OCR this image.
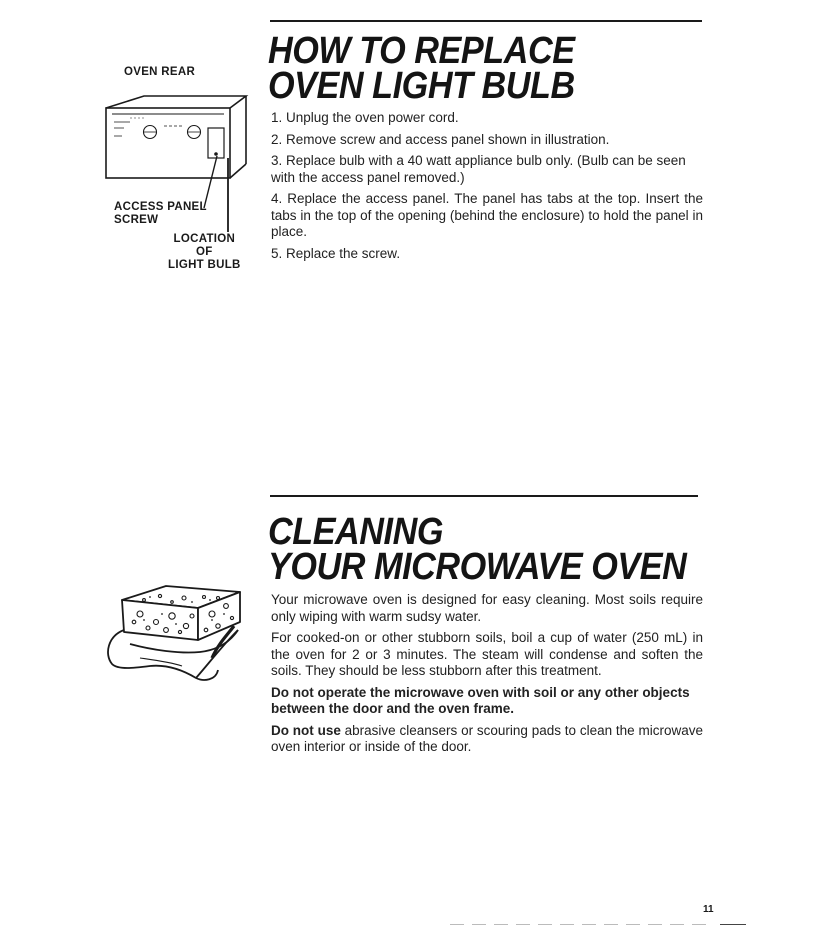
HOW TO REPLACE
OVEN LIGHT BULB

1. Unplug the oven power cord.

2. Remove screw and access panel shown in illustration.

3. Replace bulb with a 40 watt appliance bulb only. (Bulb can be seen with the access panel removed.)

4. Replace the access panel. The panel has tabs at the top. Insert the tabs in the top of the opening (behind the enclosure) to hold the panel in place.

5. Replace the screw.

OVEN REAR
ACCESS PANEL
SCREW
LOCATION
OF
LIGHT BULB
CLEANING
YOUR MICROWAVE OVEN

Your microwave oven is designed for easy cleaning. Most soils require only wiping with warm sudsy water.

For cooked-on or other stubborn soils, boil a cup of water (250 mL) in the oven for 2 or 3 minutes. The steam will condense and soften the soils. They should be less stubborn after this treatment.

Do not operate the microwave oven with soil or any other objects between the door and the oven frame.

Do not use abrasive cleansers or scouring pads to clean the microwave oven interior or inside of the door.

11
